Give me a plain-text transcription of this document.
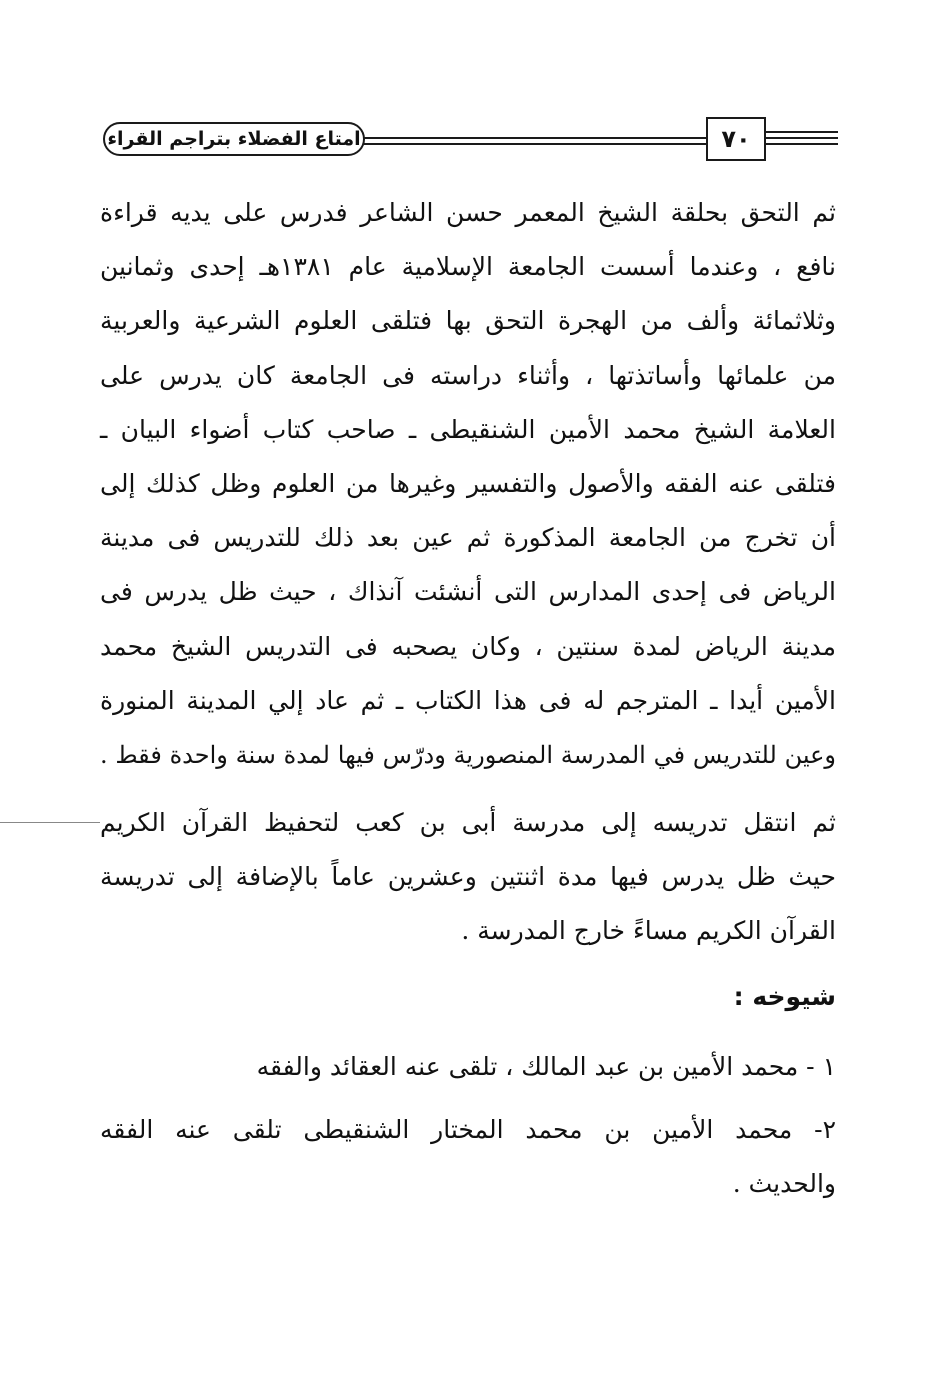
امتاع الفضلاء بتراجم القراء	٧٠
ثم التحق بحلقة الشيخ المعمر حسن الشاعر فدرس على يديه قراءة
نافع ، وعندما أسست الجامعة الإسلامية عام ١٣٨١هـ إحدى وثمانين
وثلاثمائة وألف من الهجرة التحق بها فتلقى العلوم الشرعية والعربية
من علمائها وأساتذتها ، وأثناء دراسته فى الجامعة كان يدرس على
العلامة الشيخ محمد الأمين الشنقيطى ـ صاحب كتاب أضواء البيان ـ
فتلقى عنه الفقه والأصول والتفسير وغيرها من العلوم وظل كذلك إلى
أن تخرج من الجامعة المذكورة ثم عين بعد ذلك للتدريس فى مدينة
الرياض فى إحدى المدارس التى أنشئت آنذاك ، حيث ظل يدرس فى
مدينة الرياض لمدة سنتين ، وكان يصحبه فى التدريس الشيخ محمد
الأمين أيدا ـ المترجم له فى هذا الكتاب ـ ثم عاد إلي المدينة المنورة
وعين للتدريس في المدرسة المنصورية ودرّس فيها لمدة سنة واحدة فقط .
ثم انتقل تدريسه إلى مدرسة أبى بن كعب لتحفيظ القرآن الكريم
حيث ظل يدرس فيها مدة اثنتين وعشرين عاماً بالإضافة إلى تدريسة
القرآن الكريم مساءً خارج المدرسة .
شيوخه :
١ - محمد الأمين بن عبد المالك ، تلقى عنه العقائد والفقه
٢- محمد الأمين بن محمد المختار الشنقيطى تلقى عنه الفقه
والحديث .
